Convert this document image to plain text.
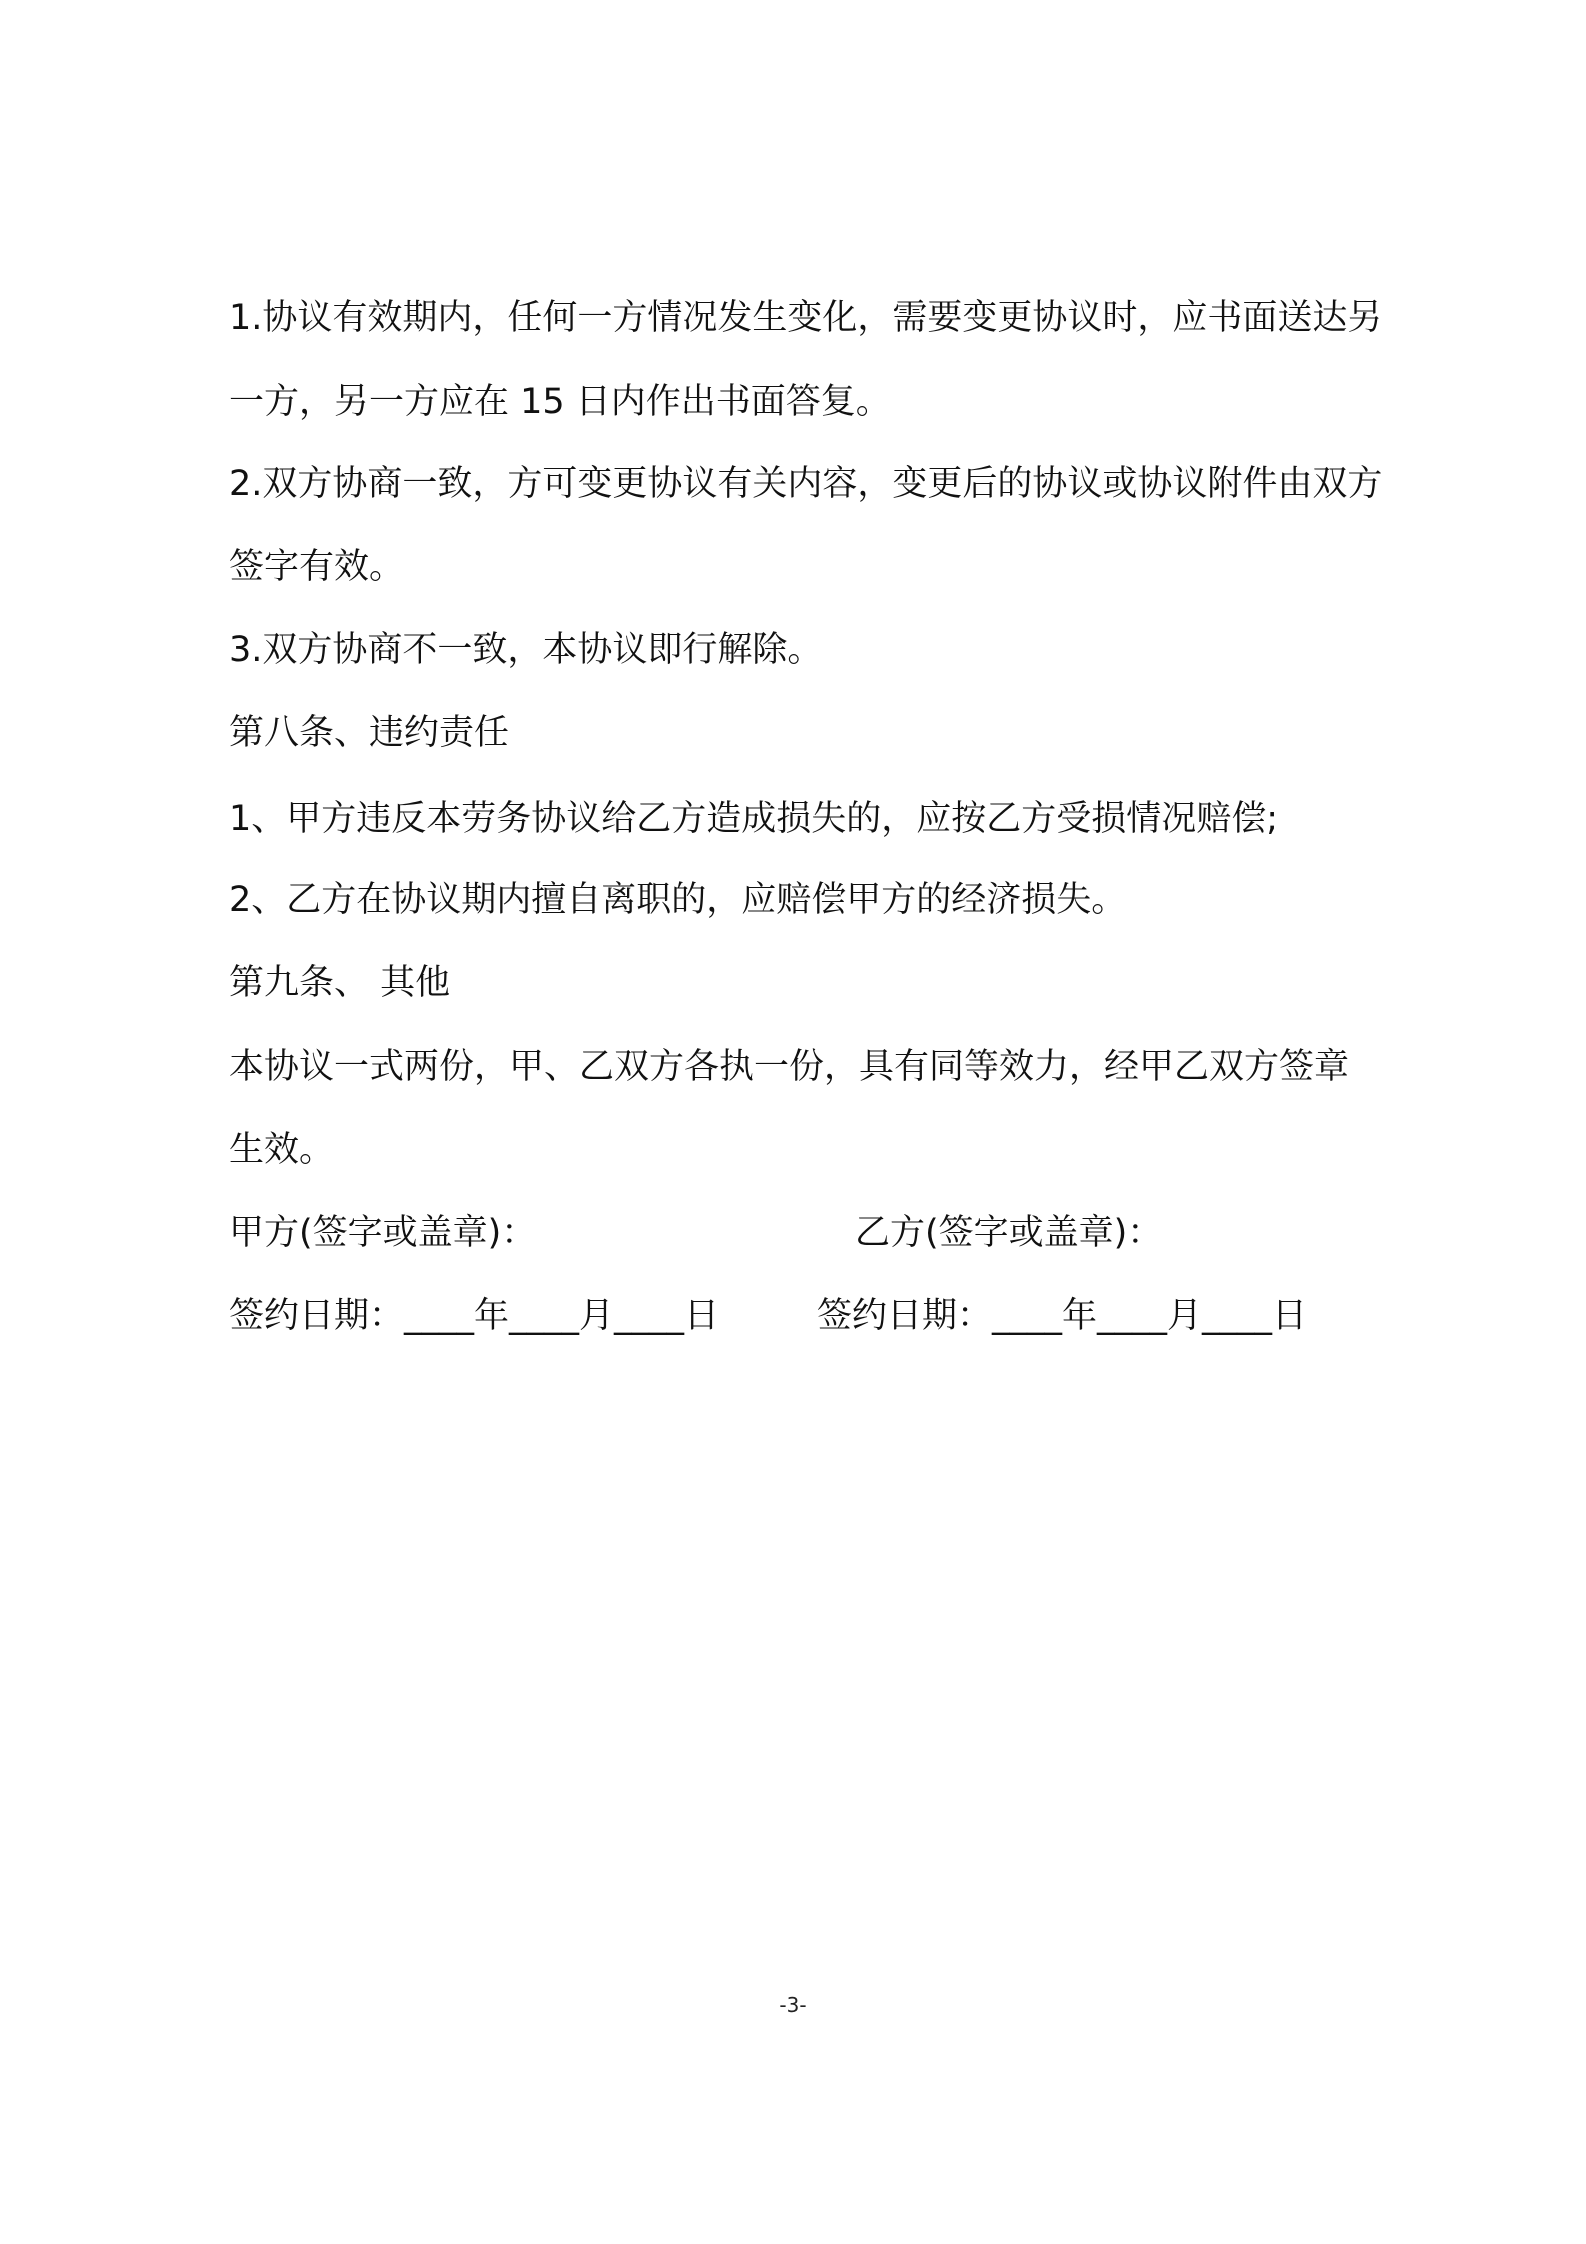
1.协议有效期内，任何一方情况发生变化，需要变更协议时，应书面送达另
一方，另一方应在 15 日内作出书面答复。
2.双方协商一致，方可变更协议有关内容，变更后的协议或协议附件由双方
签字有效。
3.双方协商不一致，本协议即行解除。
第八条、违约责任
1、甲方违反本劳务协议给乙方造成损失的，应按乙方受损情况赔偿;
2、乙方在协议期内擅自离职的，应赔偿甲方的经济损失。
第九条、 其他
本协议一式两份，甲、乙双方各执一份，具有同等效力，经甲乙双方签章
生效。
甲方(签字或盖章)：	乙方(签字或盖章)：
签约日期：____年____月____日	签约日期：____年____月____日
-3-
